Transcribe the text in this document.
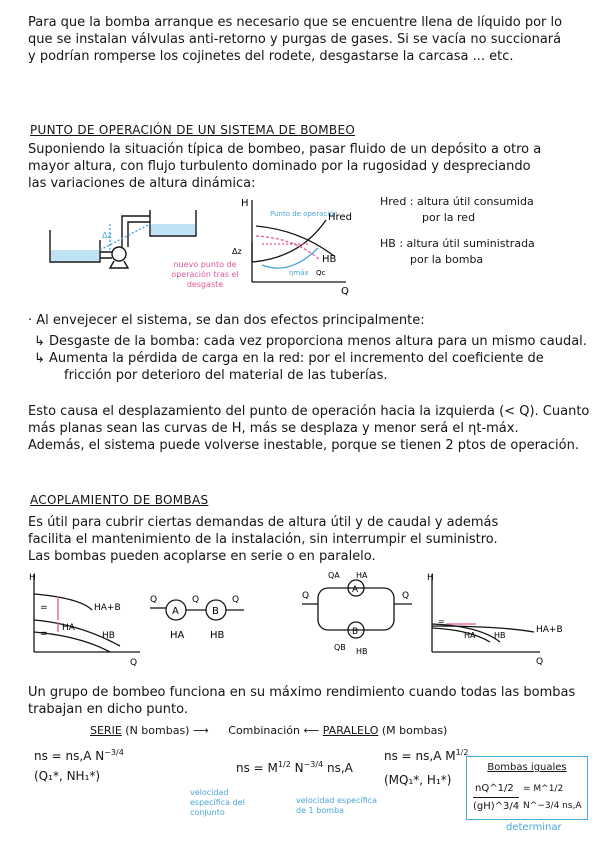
Para que la bomba arranque es necesario que se encuentre llena de líquido por lo
que se instalan válvulas anti-retorno y purgas de gases. Si se vacía no succionará
y podrían romperse los cojinetes del rodete, desgastarse la carcasa ... etc.
PUNTO DE OPERACIÓN DE UN SISTEMA DE BOMBEO
Suponiendo la situación típica de bombeo, pasar fluido de un depósito a otro a
mayor altura, con flujo turbulento dominado por la rugosidad y despreciando
las variaciones de altura dinámica:
Δz
H
Q
Δz
Punto de operación
Hred
HB
ηmáx Qc
nuevo punto de operación tras el desgaste
Hred : altura útil consumida
por la red
HB : altura útil suministrada
por la bomba
· Al envejecer el sistema, se dan dos efectos principalmente:
↳ Desgaste de la bomba: cada vez proporciona menos altura para un mismo caudal.
↳ Aumenta la pérdida de carga en la red: por el incremento del coeficiente de
fricción por deterioro del material de las tuberías.
Esto causa el desplazamiento del punto de operación hacia la izquierda (< Q). Cuanto
más planas sean las curvas de H, más se desplaza y menor será el ηt-máx.
Además, el sistema puede volverse inestable, porque se tienen 2 ptos de operación.
ACOPLAMIENTO DE BOMBAS
Es útil para cubrir ciertas demandas de altura útil y de caudal y además
facilita el mantenimiento de la instalación, sin interrumpir el suministro.
Las bombas pueden acoplarse en serie o en paralelo.
H
Q
HA+B
HA
HB
=
=
A	B
Q	Q	Q
HA	HB
A
B
Q	Q
QA HA
QB HB
H
Q
HA+B
HA HB
=
Un grupo de bombeo funciona en su máximo rendimiento cuando todas las bombas
trabajan en dicho punto.
SERIE (N bombas) ⟶ Combinación ⟵ PARALELO (M bombas)
ns = ns,A $N^{-3/4}$
(Q₁*, NH₁*)
ns = $M^{1/2}$ $N^{-3/4}$ ns,A
velocidad específica del conjunto
velocidad específica de 1 bomba
ns = ns,A $M^{1/2}$
(MQ₁*, H₁*)
Bombas iguales
nQ^1/2
(gH)^3/4
= M^1/2 N^−3/4 ns,A
determinar
